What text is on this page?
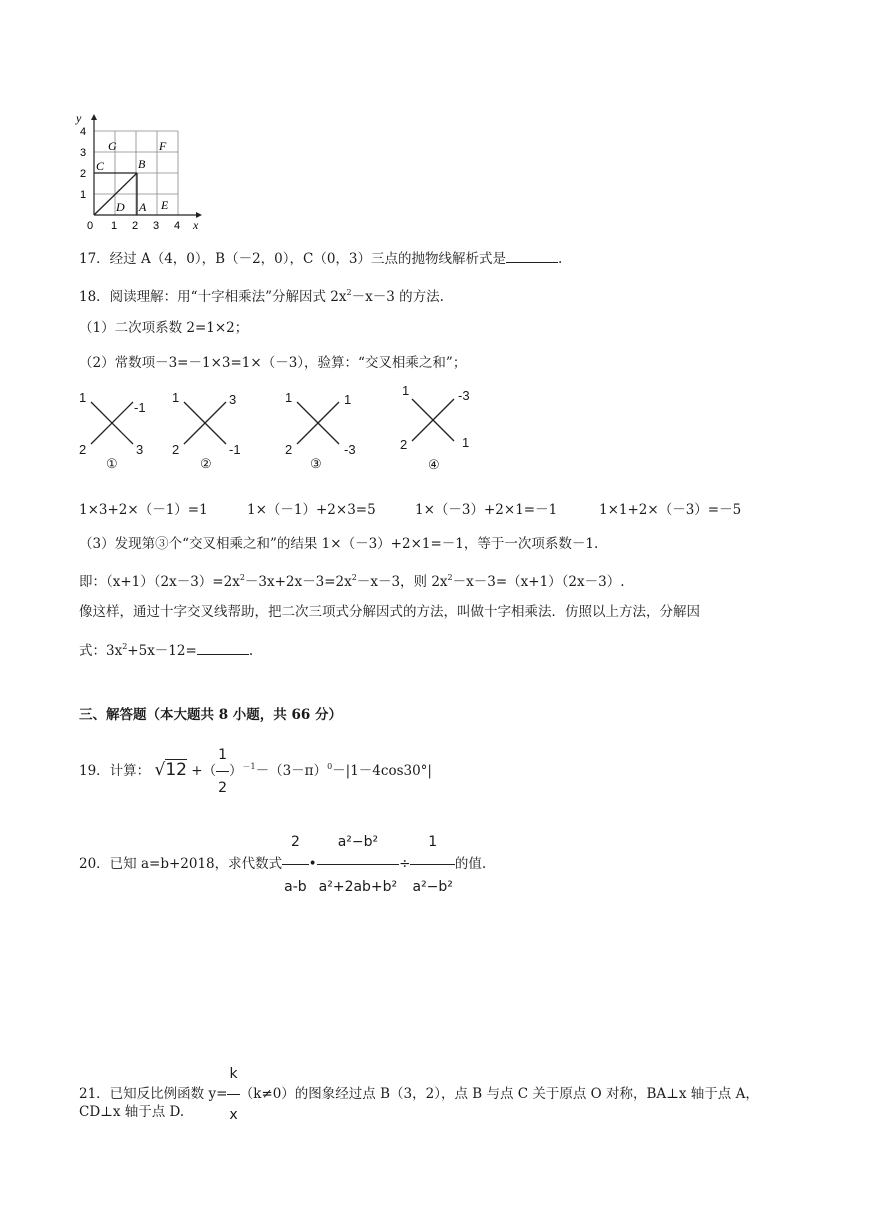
y
x
4
3
2
1
0 1 2 3 4
G	F
C	B
D A E
17．经过 A（4，0），B（－2，0），C（0，3）三点的抛物线解析式是	.
18．阅读理解：用“十字相乘法”分解因式 $2x^2-x-3$ 的方法.
（1）二次项系数 2=1×2；
（2）常数项－3=－1×3=1×（－3），验算：“交叉相乘之和”；
1
-1
2	3
①
1	3
2	-1
②
1	1
2	-3
③
1	-3
2	1
④
1×3+2×（－1）=1	1×（－1）+2×3=5	1×（－3）+2×1=－1	1×1+2×（－3）=－5
（3）发现第③个“交叉相乘之和”的结果 1×（－3）+2×1=－1，等于一次项系数－1.
即：$(x+1)(2x-3)=2x^2-3x+2x-3=2x^2-x-3$，则 $2x^2-x-3=(x+1)(2x-3)$.
像这样，通过十字交叉线帮助，把二次三项式分解因式的方法，叫做十字相乘法．仿照以上方法，分解因
式：$3x^2+5x-12=$	.
三、解答题（本大题共 8 小题，共 66 分）
19．计算： √12 +（ $\frac{1}{2} )^{-1}-(3-\pi)^0-|1-4\cos 30^\circ|$
20．已知 a=b+2018，求代数式 $\frac{2}{a-b}$ • $\frac{\text{a²−b²}}{\text{a²+2ab+b²}} \div \frac{1}{\text{a²−b²}}$ 的值.
21．已知反比例函数 $y= \frac{k}{x} (k\ne 0)$的图象经过点 B（3，2），点 B 与点 C 关于原点 O 对称，BA⊥x 轴于点 A，
CD⊥x 轴于点 D.
